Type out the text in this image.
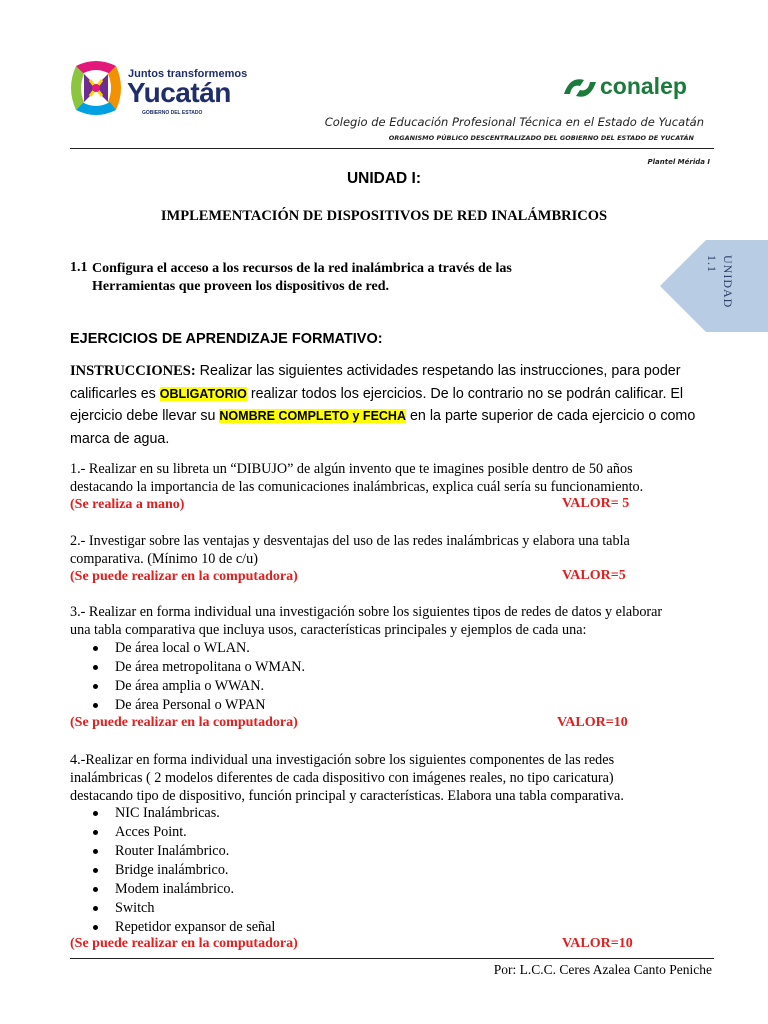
Juntos transformemos
Yucatán
GOBIERNO DEL ESTADO
conalep
Colegio de Educación Profesional Técnica en el Estado de Yucatán
ORGANISMO PÚBLICO DESCENTRALIZADO DEL GOBIERNO DEL ESTADO DE YUCATÁN
Plantel Mérida I
UNIDAD I:
IMPLEMENTACIÓN DE DISPOSITIVOS DE RED INALÁMBRICOS
1.1 Configura el acceso a los recursos de la red inalámbrica a través de las
Herramientas que proveen los dispositivos de red.	UNIDAD
1.1
EJERCICIOS DE APRENDIZAJE FORMATIVO:
INSTRUCCIONES: Realizar las siguientes actividades respetando las instrucciones, para poder calificarles es OBLIGATORIO realizar todos los ejercicios. De lo contrario no se podrán calificar. El ejercicio debe llevar su NOMBRE COMPLETO y FECHA en la parte superior de cada ejercicio o como marca de agua.
1.- Realizar en su libreta un “DIBUJO” de algún invento que te imagines posible dentro de 50 años
destacando la importancia de las comunicaciones inalámbricas, explica cuál sería su funcionamiento.
(Se realiza a mano)	VALOR= 5
2.- Investigar sobre las ventajas y desventajas del uso de las redes inalámbricas y elabora una tabla
comparativa. (Mínimo 10 de c/u)
(Se puede realizar en la computadora)	VALOR=5
3.- Realizar en forma individual una investigación sobre los siguientes tipos de redes de datos y elaborar
una tabla comparativa que incluya usos, características principales y ejemplos de cada una:
De área local o WLAN.
De área metropolitana o WMAN.
De área amplia o WWAN.
De área Personal o WPAN
(Se puede realizar en la computadora)	VALOR=10
4.-Realizar en forma individual una investigación sobre los siguientes componentes de las redes
inalámbricas ( 2 modelos diferentes de cada dispositivo con imágenes reales, no tipo caricatura)
destacando tipo de dispositivo, función principal y características. Elabora una tabla comparativa.
NIC Inalámbricas.
Acces Point.
Router Inalámbrico.
Bridge inalámbrico.
Modem inalámbrico.
Switch
Repetidor expansor de señal
(Se puede realizar en la computadora)	VALOR=10
Por: L.C.C. Ceres Azalea Canto Peniche
